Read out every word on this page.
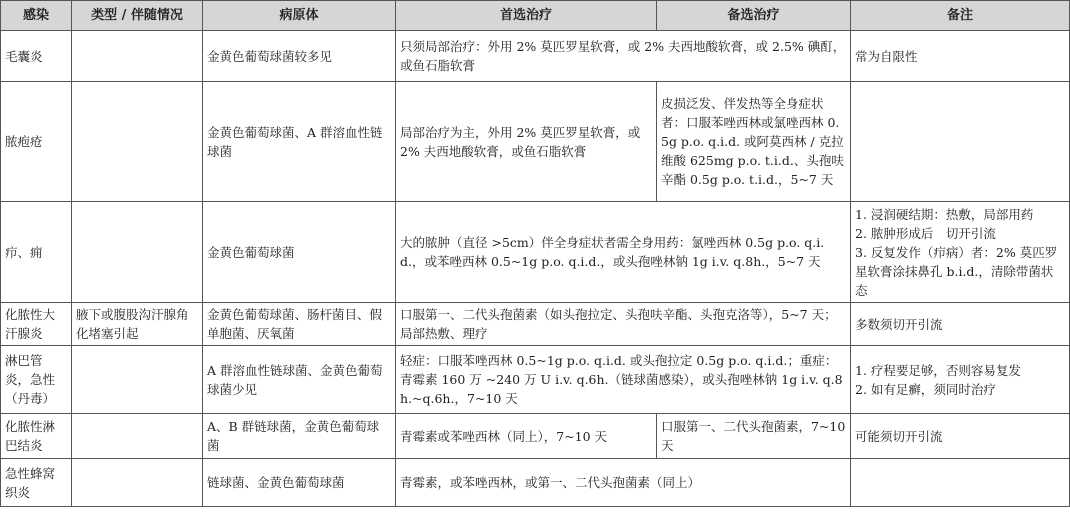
感染	类型 / 伴随情况	病原体	首选治疗	备选治疗	备注
毛囊炎		金黄色葡萄球菌较多见	只须局部治疗：外用 2% 莫匹罗星软膏，或 2% 夫西地酸软膏，或 2.5% 碘酊，或鱼石脂软膏		常为自限性

脓疱疮		金黄色葡萄球菌、A 群溶血性链球菌	局部治疗为主，外用 2% 莫匹罗星软膏，或 2% 夫西地酸软膏，或鱼石脂软膏	皮损泛发、伴发热等全身症状者：口服苯唑西林或氯唑西林 0.5g p.o. q.i.d. 或阿莫西林 / 克拉维酸 625mg p.o. t.i.d.、头孢呋辛酯 0.5g p.o. t.i.d.，5~7 天	
疖、痈		金黄色葡萄球菌	大的脓肿（直径 >5cm）伴全身症状者需全身用药：氯唑西林 0.5g p.o. q.i.d.，或苯唑西林 0.5~1g p.o. q.i.d.，或头孢唑林钠 1g i.v. q.8h.，5~7 天		1. 浸润硬结期：热敷，局部用药
2. 脓肿形成后　切开引流
3. 反复发作（疖病）者：2% 莫匹罗星软膏涂抹鼻孔 b.i.d.，清除带菌状态

化脓性大汗腺炎	腋下或腹股沟汗腺角化堵塞引起	金黄色葡萄球菌、肠杆菌目、假单胞菌、厌氧菌	口服第一、二代头孢菌素（如头孢拉定、头孢呋辛酯、头孢克洛等），5~7 天；局部热敷、理疗		多数须切开引流

淋巴管炎，急性（丹毒）		A 群溶血性链球菌、金黄色葡萄球菌少见	轻症：口服苯唑西林 0.5~1g p.o. q.i.d. 或头孢拉定 0.5g p.o. q.i.d.；重症：青霉素 160 万 ~240 万 U i.v. q.6h.（链球菌感染），或头孢唑林钠 1g i.v. q.8h.~q.6h.，7~10 天		1. 疗程要足够，否则容易复发
2. 如有足癣，须同时治疗

化脓性淋巴结炎		A、B 群链球菌，金黄色葡萄球菌	青霉素或苯唑西林（同上），7~10 天	口服第一、二代头孢菌素，7~10 天	可能须切开引流

急性蜂窝织炎		链球菌、金黄色葡萄球菌	青霉素，或苯唑西林，或第一、二代头孢菌素（同上）		
